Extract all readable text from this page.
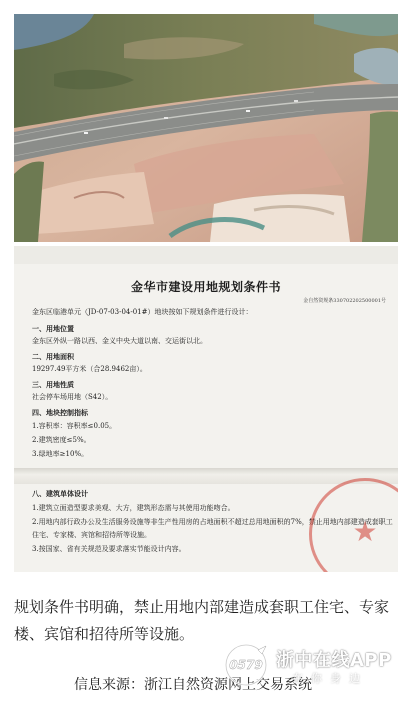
金华市建设用地规划条件书
金自然资规条330702202500001号
金东区临港单元（JD-07-03-04-01#）地块按如下规划条件进行设计：
一、用地位置
金东区外纵一路以西、金义中央大道以南、交运街以北。
二、用地面积
19297.49平方米（合28.9462亩）。
三、用地性质
社会停车场用地（S42）。
四、地块控制指标
1.容积率：容积率≤0.05。
2.建筑密度≤5%。
3.绿地率≥10%。
八、建筑单体设计
1.建筑立面造型要求美观、大方，建筑形态需与其使用功能吻合。
2.用地内部行政办公及生活服务设施等非生产性用房的占地面积不超过总用地面积的7%，禁止用地内部建造成套职工住宅、专家楼、宾馆和招待所等设施。
3.按国家、省有关规范及要求落实节能设计内容。
★
规划条件书明确，禁止用地内部建造成套职工住宅、专家楼、宾馆和招待所等设施。
信息来源：浙江自然资源网上交易系统
0579 浙中在线APP
在你身边
